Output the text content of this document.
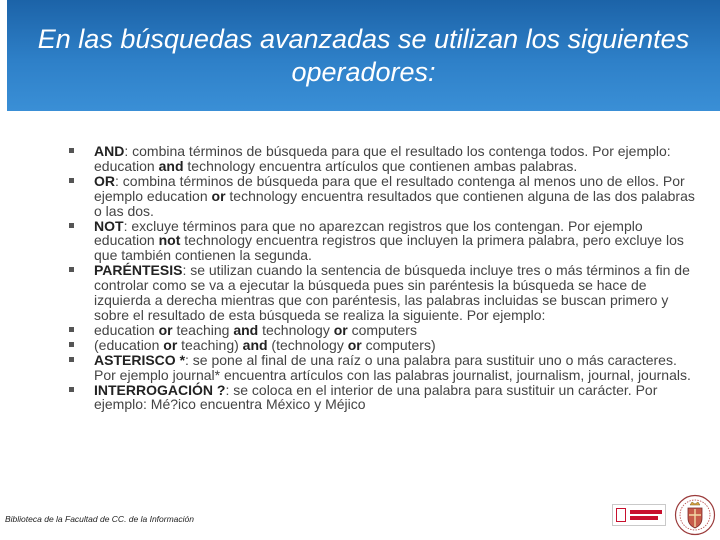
En las búsquedas avanzadas se utilizan los siguientes operadores:
AND: combina términos de búsqueda para que el resultado los contenga todos. Por ejemplo: education and technology encuentra artículos que contienen ambas palabras.
OR: combina términos de búsqueda para que el resultado contenga al menos uno de ellos. Por ejemplo education or technology encuentra resultados que contienen alguna de las dos palabras o las dos.
NOT: excluye términos para que no aparezcan registros que los contengan. Por ejemplo education not technology encuentra registros que incluyen la primera palabra, pero excluye los que también contienen la segunda.
PARÉNTESIS: se utilizan cuando la sentencia de búsqueda incluye tres o más términos a fin de controlar como se va a ejecutar la búsqueda pues sin paréntesis la búsqueda se hace de izquierda a derecha mientras que con paréntesis, las palabras incluidas se buscan primero y sobre el resultado de esta búsqueda se realiza la siguiente. Por ejemplo:
education or teaching and technology or computers
(education or teaching) and (technology or computers)
ASTERISCO *: se pone al final de una raíz o una palabra para sustituir uno o más caracteres. Por ejemplo journal* encuentra artículos con las palabras journalist, journalism, journal, journals.
INTERROGACIÓN ?: se coloca en el interior de una palabra para sustituir un carácter. Por ejemplo: Mé?ico encuentra México y Méjico
Biblioteca de la Facultad de CC. de la Información
